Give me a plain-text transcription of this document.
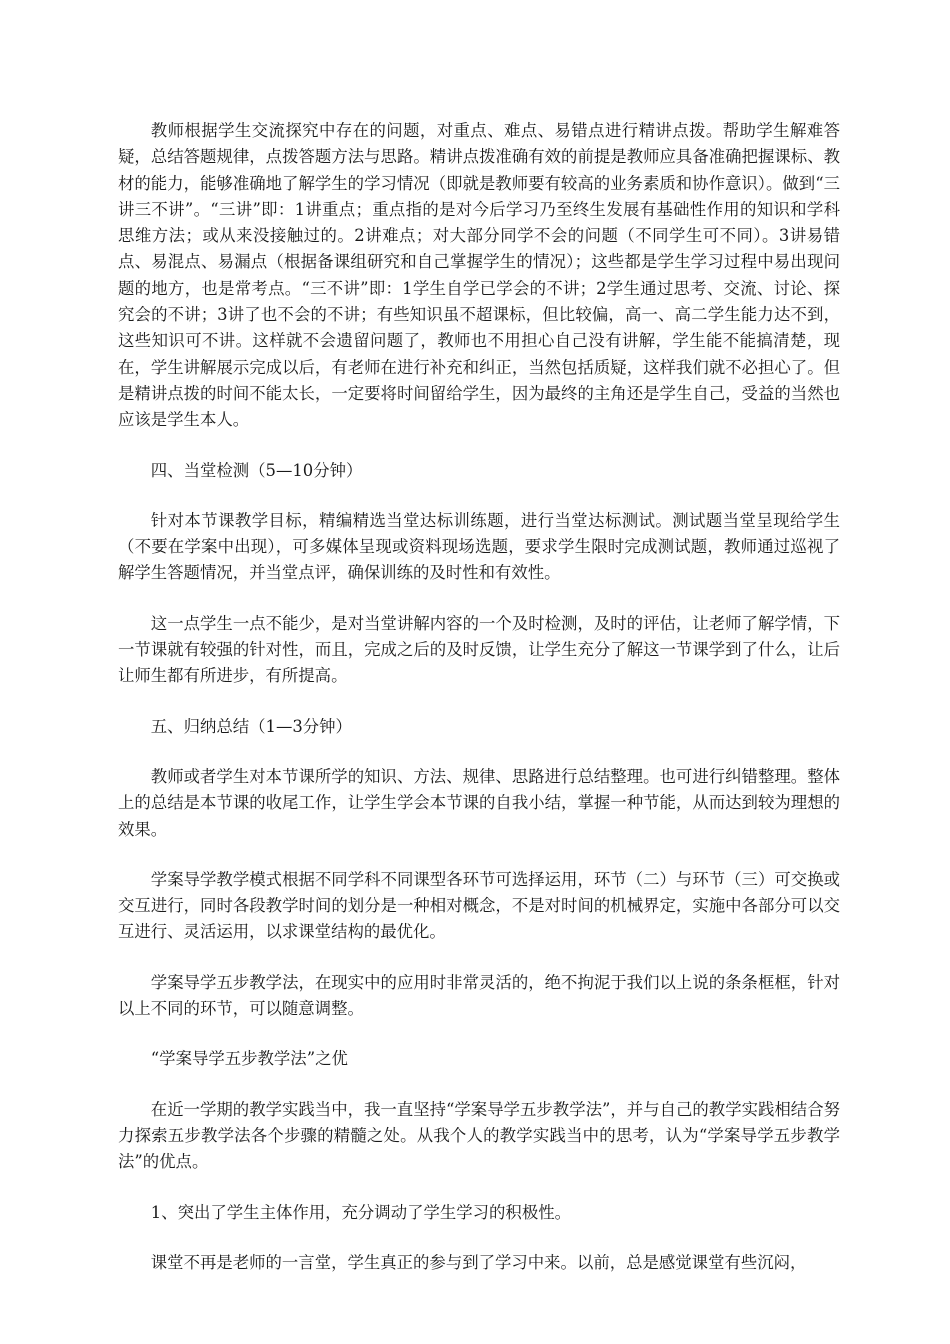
教师根据学生交流探究中存在的问题，对重点、难点、易错点进行精讲点拨。帮助学生解难答疑，总结答题规律，点拨答题方法与思路。精讲点拨准确有效的前提是教师应具备准确把握课标、教材的能力，能够准确地了解学生的学习情况（即就是教师要有较高的业务素质和协作意识）。做到“三讲三不讲”。“三讲”即：1讲重点；重点指的是对今后学习乃至终生发展有基础性作用的知识和学科思维方法；或从来没接触过的。2讲难点；对大部分同学不会的问题（不同学生可不同）。3讲易错点、易混点、易漏点（根据备课组研究和自己掌握学生的情况）；这些都是学生学习过程中易出现问题的地方，也是常考点。“三不讲”即：1学生自学已学会的不讲；2学生通过思考、交流、讨论、探究会的不讲；3讲了也不会的不讲；有些知识虽不超课标，但比较偏，高一、高二学生能力达不到，这些知识可不讲。这样就不会遗留问题了，教师也不用担心自己没有讲解，学生能不能搞清楚，现在，学生讲解展示完成以后，有老师在进行补充和纠正，当然包括质疑，这样我们就不必担心了。但是精讲点拨的时间不能太长，一定要将时间留给学生，因为最终的主角还是学生自己，受益的当然也应该是学生本人。

四、当堂检测（5—10分钟）

针对本节课教学目标，精编精选当堂达标训练题，进行当堂达标测试。测试题当堂呈现给学生（不要在学案中出现），可多媒体呈现或资料现场选题，要求学生限时完成测试题，教师通过巡视了解学生答题情况，并当堂点评，确保训练的及时性和有效性。

这一点学生一点不能少，是对当堂讲解内容的一个及时检测，及时的评估，让老师了解学情，下一节课就有较强的针对性，而且，完成之后的及时反馈，让学生充分了解这一节课学到了什么，让后让师生都有所进步，有所提高。

五、归纳总结（1—3分钟）

教师或者学生对本节课所学的知识、方法、规律、思路进行总结整理。也可进行纠错整理。整体上的总结是本节课的收尾工作，让学生学会本节课的自我小结，掌握一种节能，从而达到较为理想的效果。

学案导学教学模式根据不同学科不同课型各环节可选择运用，环节（二）与环节（三）可交换或交互进行，同时各段教学时间的划分是一种相对概念，不是对时间的机械界定，实施中各部分可以交互进行、灵活运用，以求课堂结构的最优化。

学案导学五步教学法，在现实中的应用时非常灵活的，绝不拘泥于我们以上说的条条框框，针对以上不同的环节，可以随意调整。

“学案导学五步教学法”之优

在近一学期的教学实践当中，我一直坚持“学案导学五步教学法”，并与自己的教学实践相结合努力探索五步教学法各个步骤的精髓之处。从我个人的教学实践当中的思考，认为“学案导学五步教学法”的优点。

1、突出了学生主体作用，充分调动了学生学习的积极性。

课堂不再是老师的一言堂，学生真正的参与到了学习中来。以前，总是感觉课堂有些沉闷，
